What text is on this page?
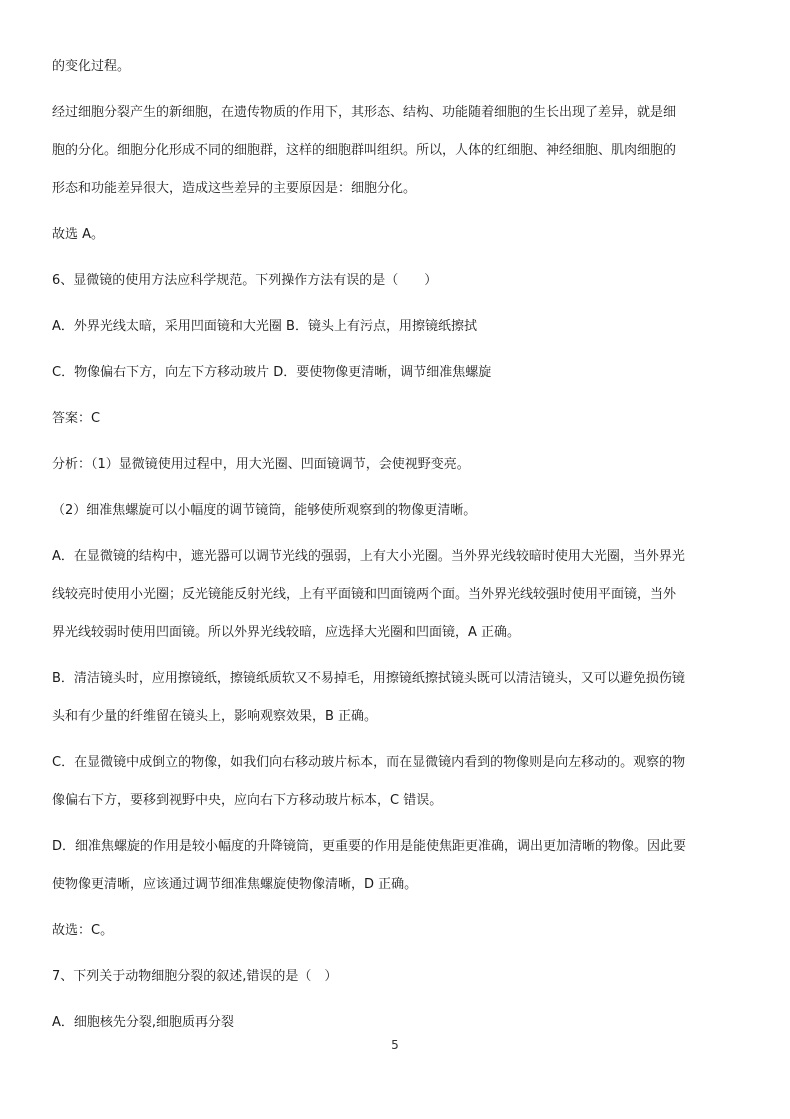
的变化过程。
经过细胞分裂产生的新细胞，在遗传物质的作用下，其形态、结构、功能随着细胞的生长出现了差异，就是细
胞的分化。细胞分化形成不同的细胞群，这样的细胞群叫组织。所以，人体的红细胞、神经细胞、肌肉细胞的
形态和功能差异很大，造成这些差异的主要原因是：细胞分化。
故选 A。
6、显微镜的使用方法应科学规范。下列操作方法有误的是（　　）
A．外界光线太暗，采用凹面镜和大光圈 B．镜头上有污点，用擦镜纸擦拭
C．物像偏右下方，向左下方移动玻片 D．要使物像更清晰，调节细准焦螺旋
答案：C
分析：（1）显微镜使用过程中，用大光圈、凹面镜调节，会使视野变亮。
（2）细准焦螺旋可以小幅度的调节镜筒，能够使所观察到的物像更清晰。
A．在显微镜的结构中，遮光器可以调节光线的强弱，上有大小光圈。当外界光线较暗时使用大光圈，当外界光
线较亮时使用小光圈；反光镜能反射光线，上有平面镜和凹面镜两个面。当外界光线较强时使用平面镜，当外
界光线较弱时使用凹面镜。所以外界光线较暗，应选择大光圈和凹面镜，A 正确。
B．清洁镜头时，应用擦镜纸，擦镜纸质软又不易掉毛，用擦镜纸擦拭镜头既可以清洁镜头，又可以避免损伤镜
头和有少量的纤维留在镜头上，影响观察效果，B 正确。
C．在显微镜中成倒立的物像，如我们向右移动玻片标本，而在显微镜内看到的物像则是向左移动的。观察的物
像偏右下方，要移到视野中央，应向右下方移动玻片标本，C 错误。
D．细准焦螺旋的作用是较小幅度的升降镜筒，更重要的作用是能使焦距更准确，调出更加清晰的物像。因此要
使物像更清晰，应该通过调节细准焦螺旋使物像清晰，D 正确。
故选：C。
7、下列关于动物细胞分裂的叙述,错误的是（　）
A．细胞核先分裂,细胞质再分裂
5
